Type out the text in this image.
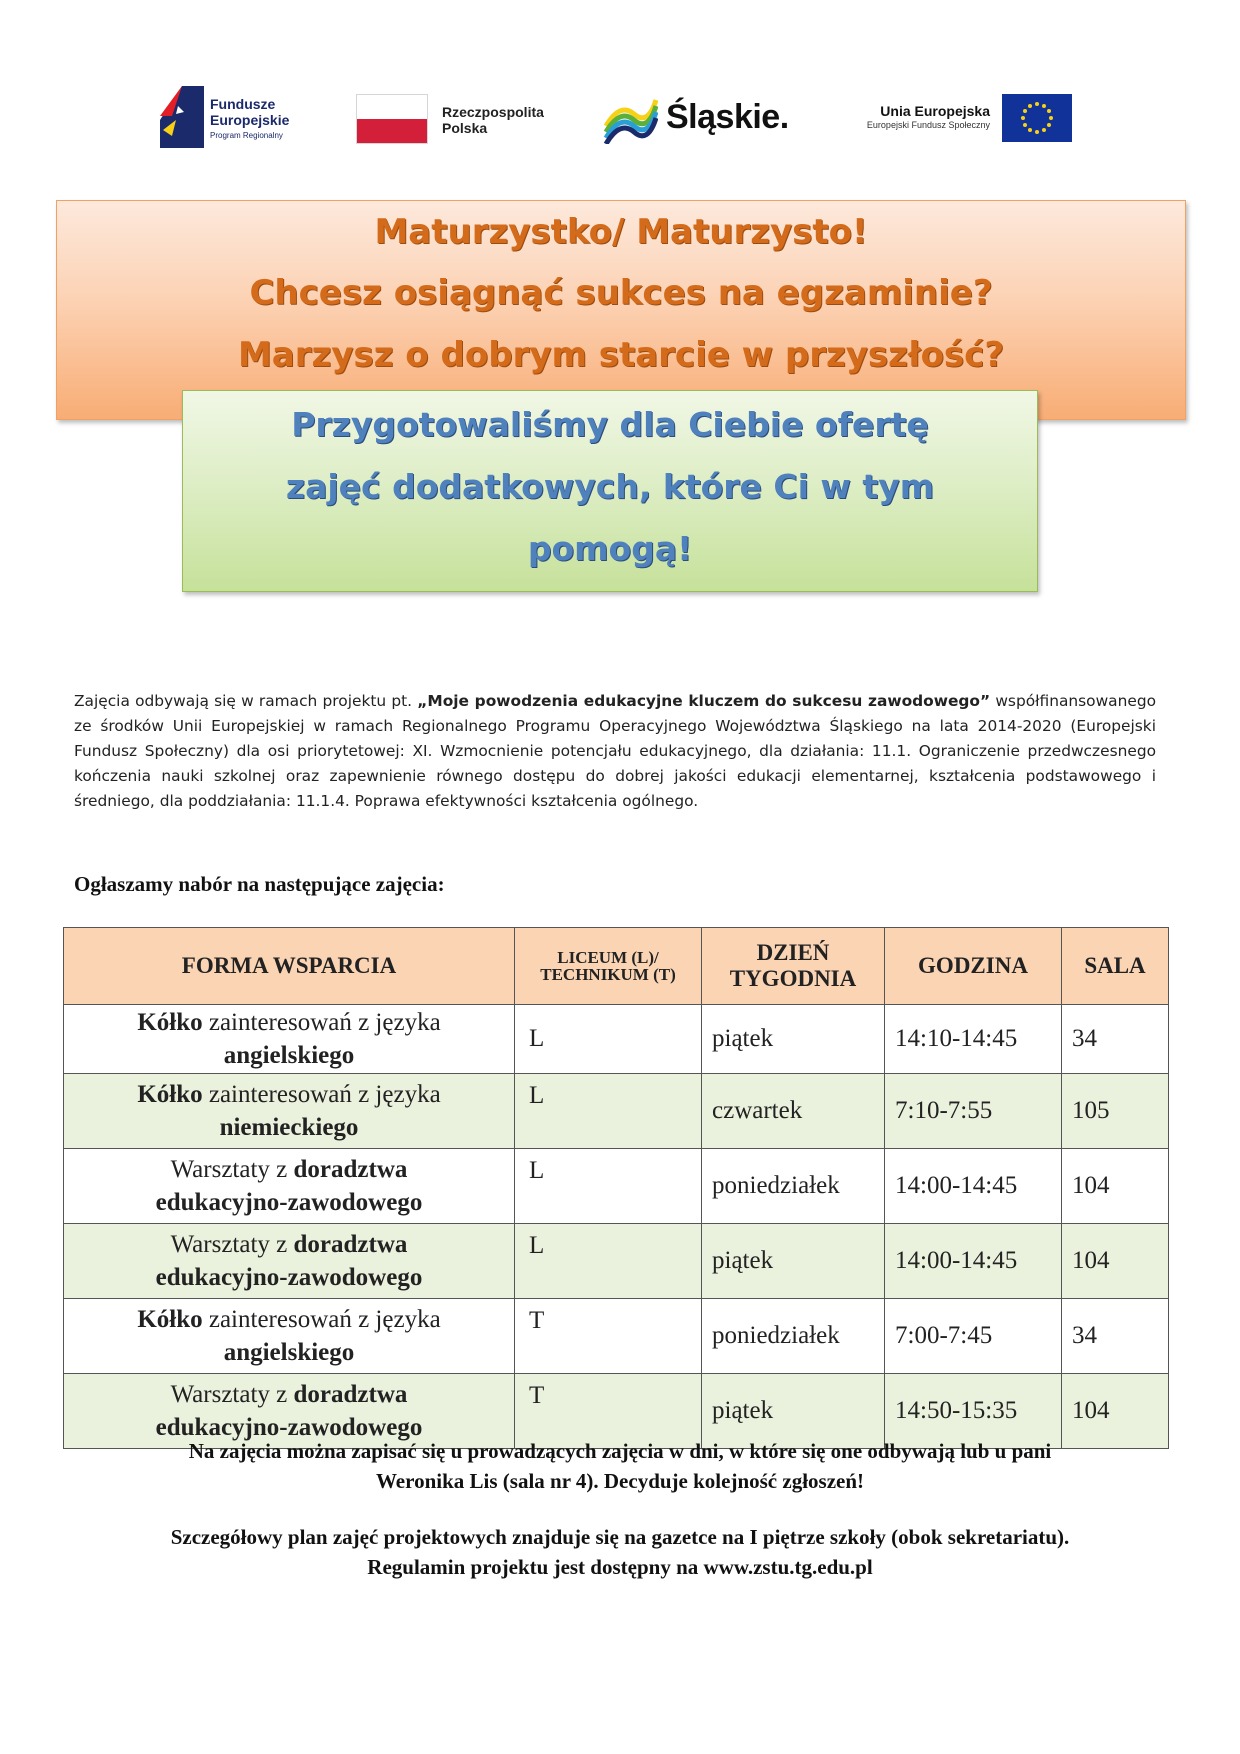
Fundusze
Europejskie
Program Regionalny
Rzeczpospolita
Polska	Śląskie.	Unia Europejska
Europejski Fundusz Społeczny
Maturzystko/ Maturzysto!
Chcesz osiągnąć sukces na egzaminie?
Marzysz o dobrym starcie w przyszłość?
Przygotowaliśmy dla Ciebie ofertę
zajęć dodatkowych, które Ci w tym
pomogą!
Zajęcia odbywają się w ramach projektu pt. „Moje powodzenia edukacyjne kluczem do sukcesu zawodowego” współfinansowanego ze środków Unii Europejskiej w ramach Regionalnego Programu Operacyjnego Województwa Śląskiego na lata 2014-2020 (Europejski Fundusz Społeczny) dla osi priorytetowej: XI. Wzmocnienie potencjału edukacyjnego, dla działania: 11.1. Ograniczenie przedwczesnego kończenia nauki szkolnej oraz zapewnienie równego dostępu do dobrej jakości edukacji elementarnej, kształcenia podstawowego i średniego, dla poddziałania: 11.1.4. Poprawa efektywności kształcenia ogólnego.
Ogłaszamy nabór na następujące zajęcia:
FORMA WSPARCIA	LICEUM (L)/ TECHNIKUM (T)	DZIEŃ TYGODNIA	GODZINA	SALA
Kółko zainteresowań z języka
angielskiego	L	piątek	14:10-14:45	34
Kółko zainteresowań z języka
niemieckiego	L	czwartek	7:10-7:55	105
Warsztaty z doradztwa
edukacyjno-zawodowego	L	poniedziałek	14:00-14:45	104
Warsztaty z doradztwa
edukacyjno-zawodowego	L	piątek	14:00-14:45	104
Kółko zainteresowań z języka
angielskiego	T	poniedziałek	7:00-7:45	34
Warsztaty z doradztwa
edukacyjno-zawodowego	T	piątek	14:50-15:35	104
Na zajęcia można zapisać się u prowadzących zajęcia w dni, w które się one odbywają lub u pani
Weronika Lis (sala nr 4). Decyduje kolejność zgłoszeń!
Szczegółowy plan zajęć projektowych znajduje się na gazetce na I piętrze szkoły (obok sekretariatu).
Regulamin projektu jest dostępny na www.zstu.tg.edu.pl
